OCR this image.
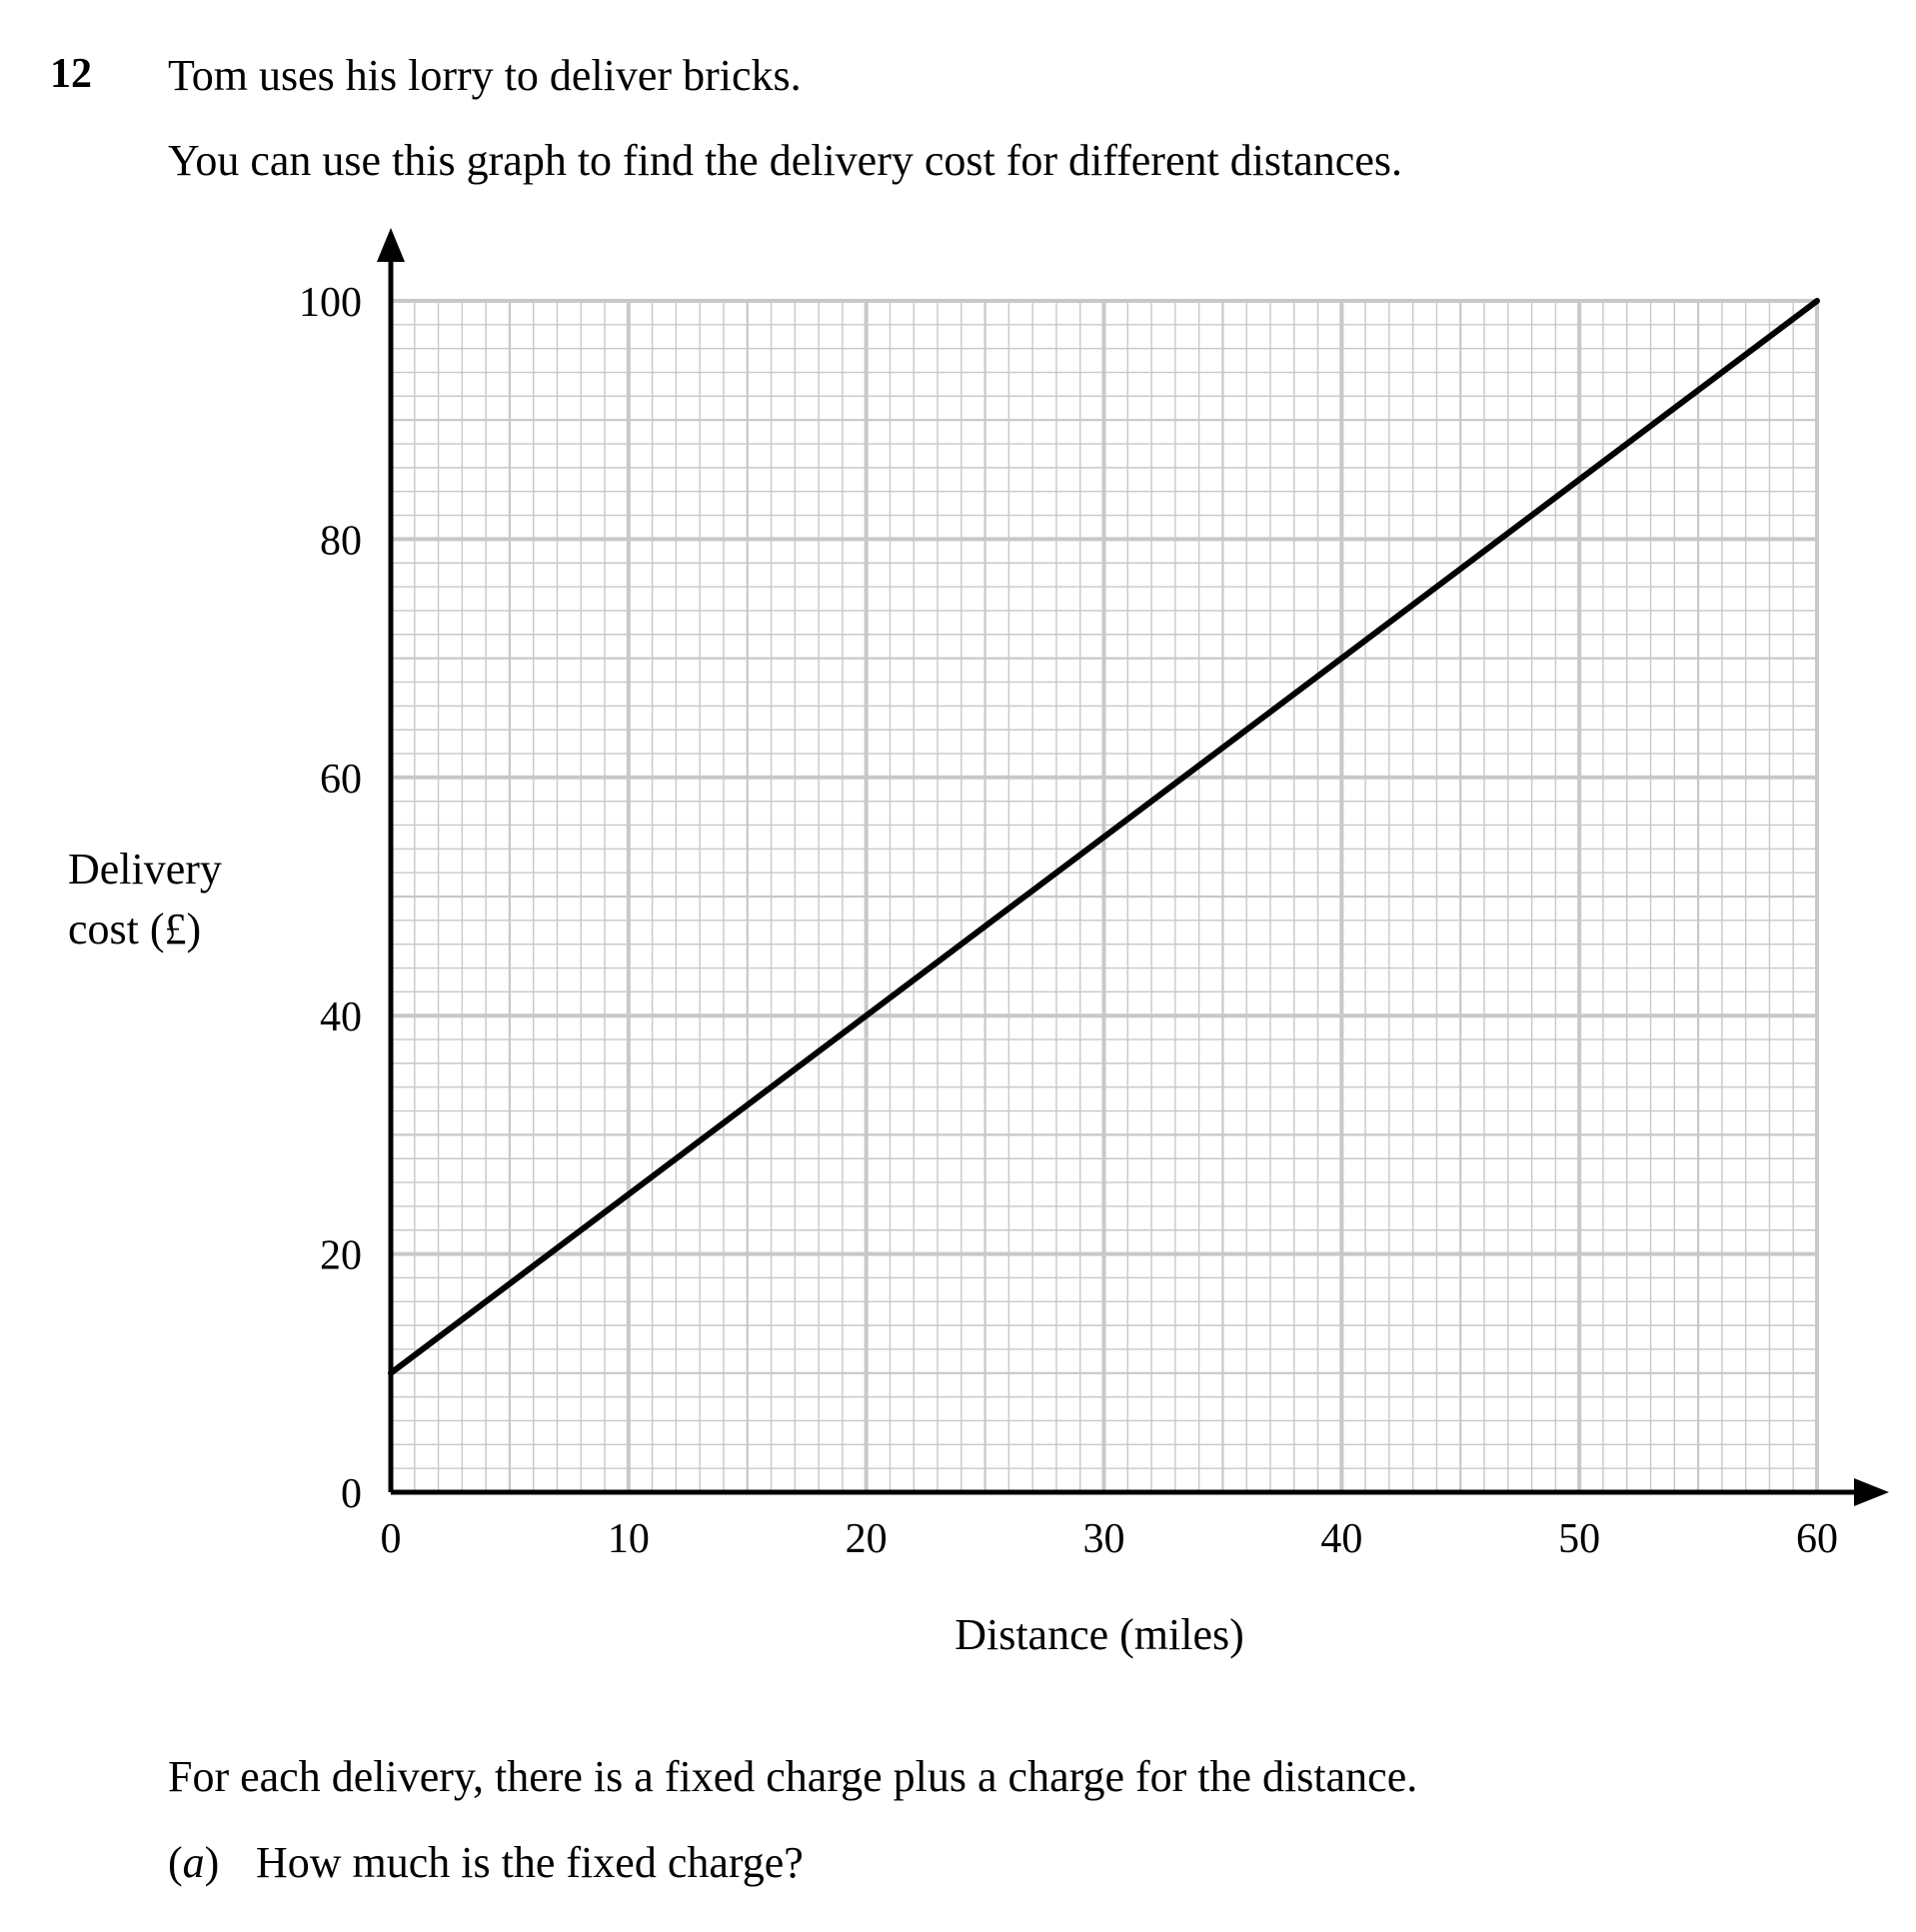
12 Tom uses his lorry to deliver bricks.
You can use this graph to find the delivery cost for different distances.
0	10	20	30	40	50	60
0
20
40
60
80
100
Distance (miles)
Delivery
cost (£)
For each delivery, there is a fixed charge plus a charge for the distance.
(a) How much is the fixed charge?
